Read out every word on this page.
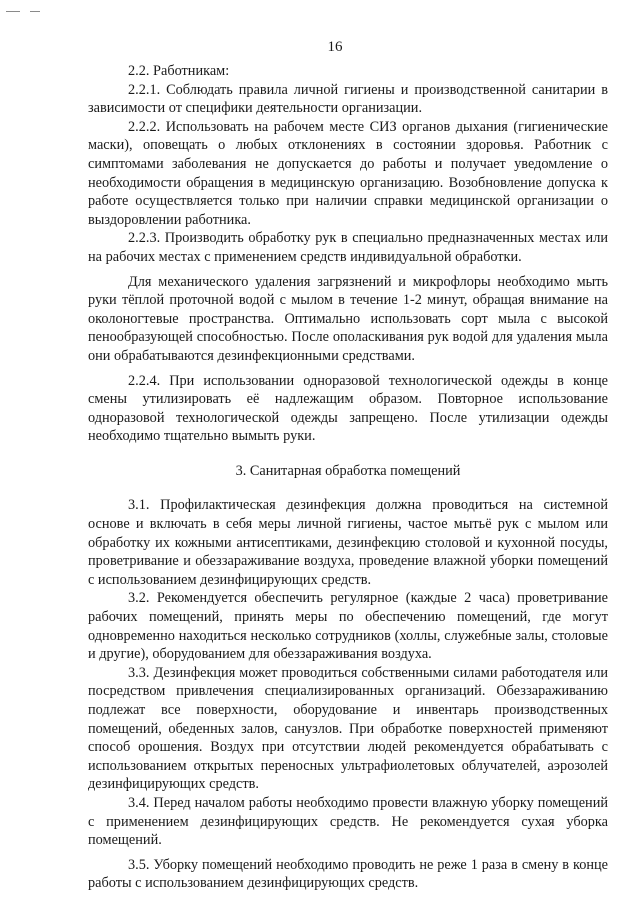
16

2.2. Работникам:

2.2.1. Соблюдать правила личной гигиены и производственной санитарии в зависимости от специфики деятельности организации.

2.2.2. Использовать на рабочем месте СИЗ органов дыхания (гигиенические маски), оповещать о любых отклонениях в состоянии здоровья. Работник с симптомами заболевания не допускается до работы и получает уведомление о необходимости обращения в медицинскую организацию. Возобновление допуска к работе осуществляется только при наличии справки медицинской организации о выздоровлении работника.

2.2.3. Производить обработку рук в специально предназначенных местах или на рабочих местах с применением средств индивидуальной обработки.

Для механического удаления загрязнений и микрофлоры необходимо мыть руки тёплой проточной водой с мылом в течение 1-2 минут, обращая внимание на околоногтевые пространства. Оптимально использовать сорт мыла с высокой пенообразующей способностью. После ополаскивания рук водой для удаления мыла они обрабатываются дезинфекционными средствами.

2.2.4. При использовании одноразовой технологической одежды в конце смены утилизировать её надлежащим образом. Повторное использование одноразовой технологической одежды запрещено. После утилизации одежды необходимо тщательно вымыть руки.

3. Санитарная обработка помещений

3.1. Профилактическая дезинфекция должна проводиться на системной основе и включать в себя меры личной гигиены, частое мытьё рук с мылом или обработку их кожными антисептиками, дезинфекцию столовой и кухонной посуды, проветривание и обеззараживание воздуха, проведение влажной уборки помещений с использованием дезинфицирующих средств.

3.2. Рекомендуется обеспечить регулярное (каждые 2 часа) проветривание рабочих помещений, принять меры по обеспечению помещений, где могут одновременно находиться несколько сотрудников (холлы, служебные залы, столовые и другие), оборудованием для обеззараживания воздуха.

3.3. Дезинфекция может проводиться собственными силами работодателя или посредством привлечения специализированных организаций. Обеззараживанию подлежат все поверхности, оборудование и инвентарь производственных помещений, обеденных залов, санузлов. При обработке поверхностей применяют способ орошения. Воздух при отсутствии людей рекомендуется обрабатывать с использованием открытых переносных ультрафиолетовых облучателей, аэрозолей дезинфицирующих средств.

3.4. Перед началом работы необходимо провести влажную уборку помещений с применением дезинфицирующих средств. Не рекомендуется сухая уборка помещений.

3.5. Уборку помещений необходимо проводить не реже 1 раза в смену в конце работы с использованием дезинфицирующих средств.
